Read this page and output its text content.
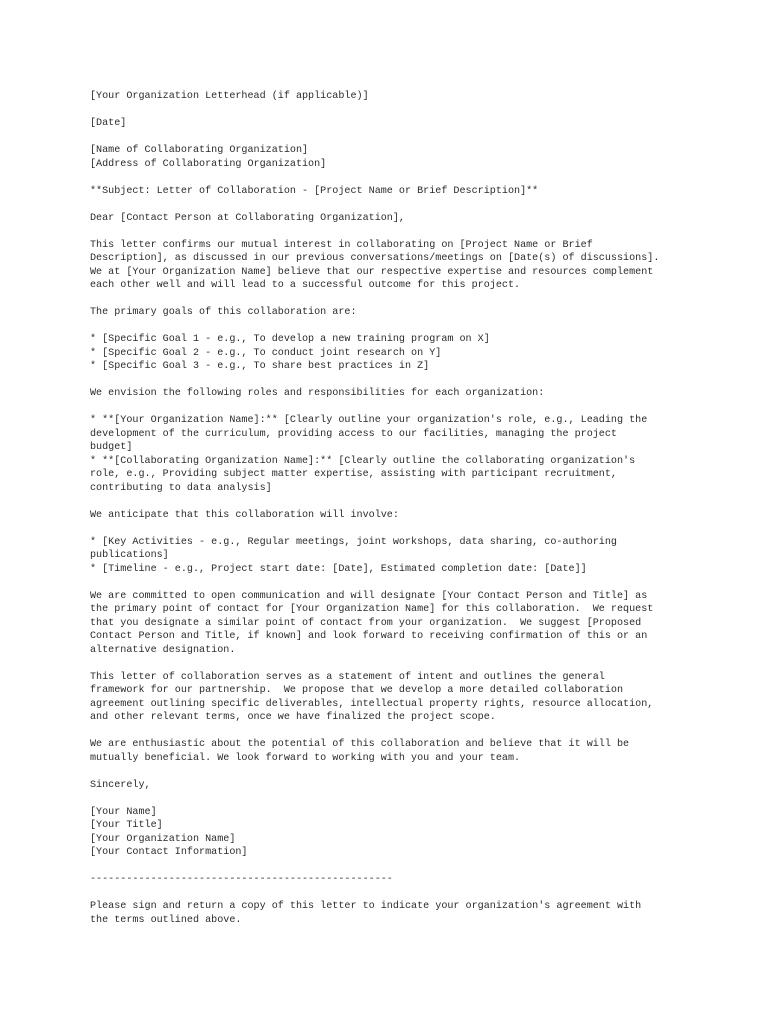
[Your Organization Letterhead (if applicable)]
[Date]
[Name of Collaborating Organization]
[Address of Collaborating Organization]
**Subject: Letter of Collaboration - [Project Name or Brief Description]**
Dear [Contact Person at Collaborating Organization],
This letter confirms our mutual interest in collaborating on [Project Name or Brief
Description], as discussed in our previous conversations/meetings on [Date(s) of discussions].
We at [Your Organization Name] believe that our respective expertise and resources complement
each other well and will lead to a successful outcome for this project.
The primary goals of this collaboration are:
* [Specific Goal 1 - e.g., To develop a new training program on X]
* [Specific Goal 2 - e.g., To conduct joint research on Y]
* [Specific Goal 3 - e.g., To share best practices in Z]
We envision the following roles and responsibilities for each organization:
* **[Your Organization Name]:** [Clearly outline your organization's role, e.g., Leading the
development of the curriculum, providing access to our facilities, managing the project
budget]
* **[Collaborating Organization Name]:** [Clearly outline the collaborating organization's
role, e.g., Providing subject matter expertise, assisting with participant recruitment,
contributing to data analysis]
We anticipate that this collaboration will involve:
* [Key Activities - e.g., Regular meetings, joint workshops, data sharing, co-authoring
publications]
* [Timeline - e.g., Project start date: [Date], Estimated completion date: [Date]]
We are committed to open communication and will designate [Your Contact Person and Title] as
the primary point of contact for [Your Organization Name] for this collaboration.  We request
that you designate a similar point of contact from your organization.  We suggest [Proposed
Contact Person and Title, if known] and look forward to receiving confirmation of this or an
alternative designation.
This letter of collaboration serves as a statement of intent and outlines the general
framework for our partnership.  We propose that we develop a more detailed collaboration
agreement outlining specific deliverables, intellectual property rights, resource allocation,
and other relevant terms, once we have finalized the project scope.
We are enthusiastic about the potential of this collaboration and believe that it will be
mutually beneficial. We look forward to working with you and your team.
Sincerely,
[Your Name]
[Your Title]
[Your Organization Name]
[Your Contact Information]
--------------------------------------------------
Please sign and return a copy of this letter to indicate your organization's agreement with
the terms outlined above.
